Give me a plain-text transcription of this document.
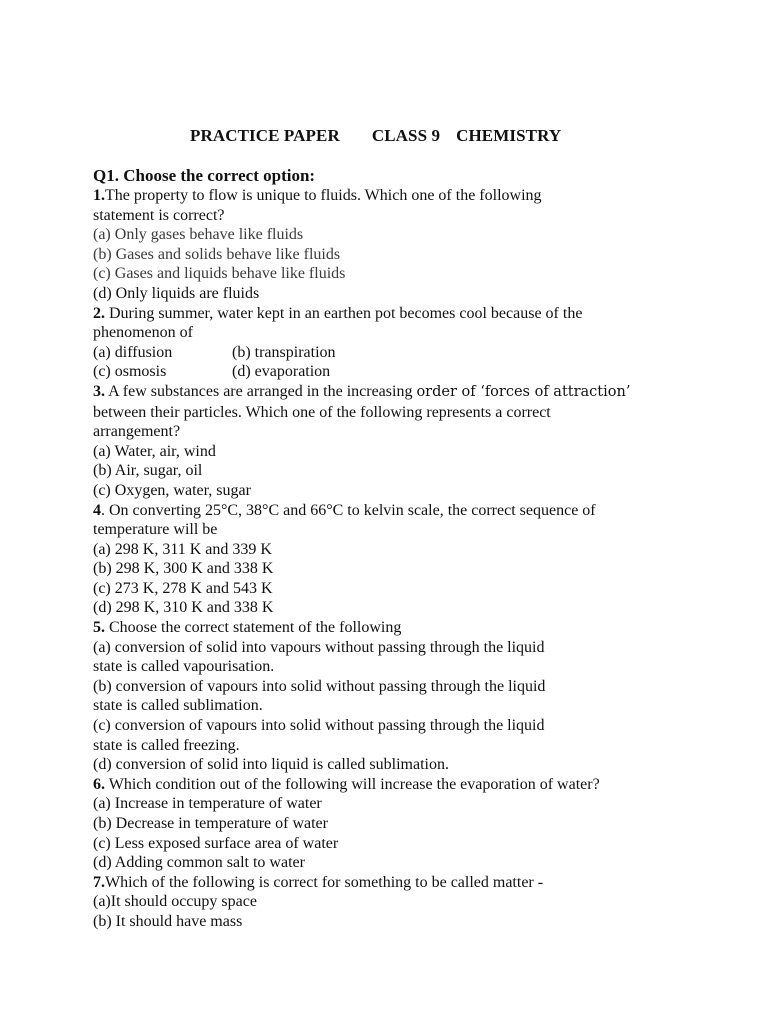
PRACTICE PAPER CLASS 9 CHEMISTRY
Q1. Choose the correct option:
1.The property to flow is unique to fluids. Which one of the following
statement is correct?
(a) Only gases behave like fluids
(b) Gases and solids behave like fluids
(c) Gases and liquids behave like fluids
(d) Only liquids are fluids
2. During summer, water kept in an earthen pot becomes cool because of the
phenomenon of
(a) diffusion	(b) transpiration
(c) osmosis	(d) evaporation
3. A few substances are arranged in the increasing order of ‘forces of attraction’
between their particles. Which one of the following represents a correct
arrangement?
(a) Water, air, wind
(b) Air, sugar, oil
(c) Oxygen, water, sugar
4. On converting 25°C, 38°C and 66°C to kelvin scale, the correct sequence of
temperature will be
(a) 298 K, 311 K and 339 K
(b) 298 K, 300 K and 338 K
(c) 273 K, 278 K and 543 K
(d) 298 K, 310 K and 338 K
5. Choose the correct statement of the following
(a) conversion of solid into vapours without passing through the liquid
state is called vapourisation.
(b) conversion of vapours into solid without passing through the liquid
state is called sublimation.
(c) conversion of vapours into solid without passing through the liquid
state is called freezing.
(d) conversion of solid into liquid is called sublimation.
6. Which condition out of the following will increase the evaporation of water?
(a) Increase in temperature of water
(b) Decrease in temperature of water
(c) Less exposed surface area of water
(d) Adding common salt to water
7.Which of the following is correct for something to be called matter -
(a)It should occupy space
(b) It should have mass
